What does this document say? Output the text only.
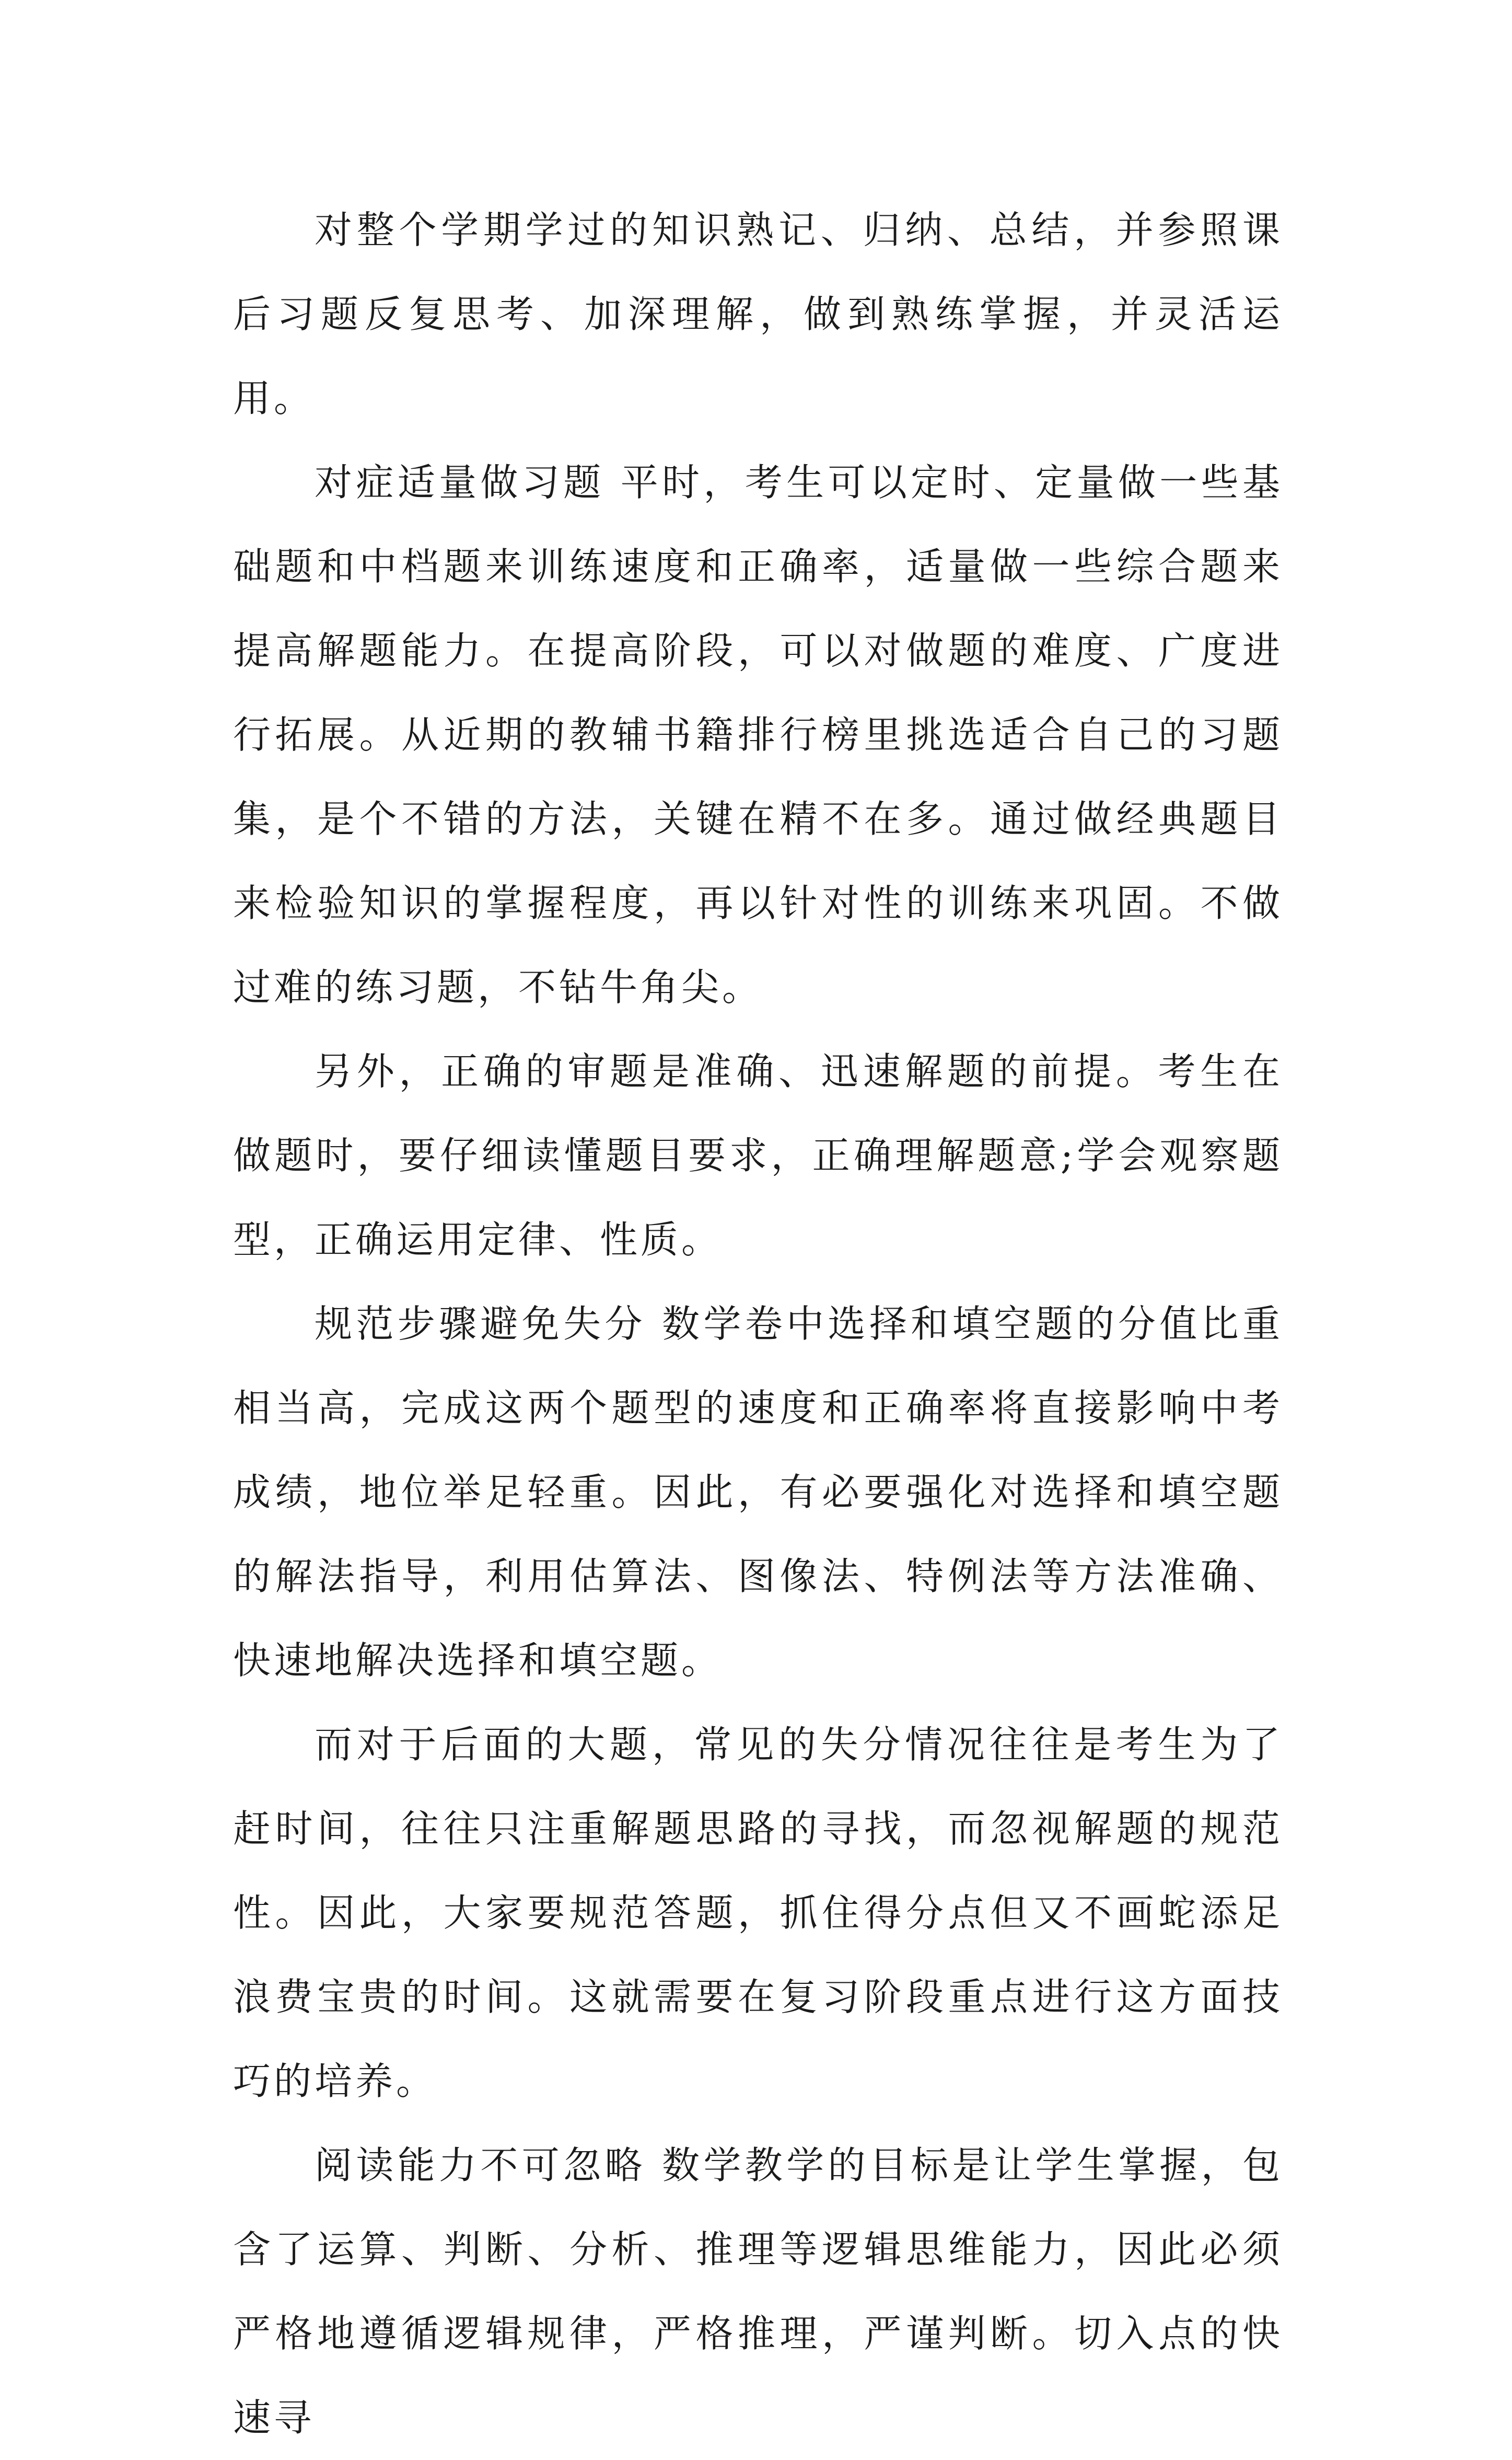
对整个学期学过的知识熟记、归纳、总结，并参照课后习题反复思考、加深理解，做到熟练掌握，并灵活运用。

对症适量做习题 平时，考生可以定时、定量做一些基础题和中档题来训练速度和正确率，适量做一些综合题来提高解题能力。在提高阶段，可以对做题的难度、广度进行拓展。从近期的教辅书籍排行榜里挑选适合自己的习题集，是个不错的方法，关键在精不在多。通过做经典题目来检验知识的掌握程度，再以针对性的训练来巩固。不做过难的练习题，不钻牛角尖。

另外，正确的审题是准确、迅速解题的前提。考生在做题时，要仔细读懂题目要求，正确理解题意;学会观察题型，正确运用定律、性质。

规范步骤避免失分 数学卷中选择和填空题的分值比重相当高，完成这两个题型的速度和正确率将直接影响中考成绩，地位举足轻重。因此，有必要强化对选择和填空题的解法指导，利用估算法、图像法、特例法等方法准确、快速地解决选择和填空题。

而对于后面的大题，常见的失分情况往往是考生为了赶时间，往往只注重解题思路的寻找，而忽视解题的规范性。因此，大家要规范答题，抓住得分点但又不画蛇添足浪费宝贵的时间。这就需要在复习阶段重点进行这方面技巧的培养。

阅读能力不可忽略 数学教学的目标是让学生掌握，包含了运算、判断、分析、推理等逻辑思维能力，因此必须严格地遵循逻辑规律，严格推理，严谨判断。切入点的快速寻
